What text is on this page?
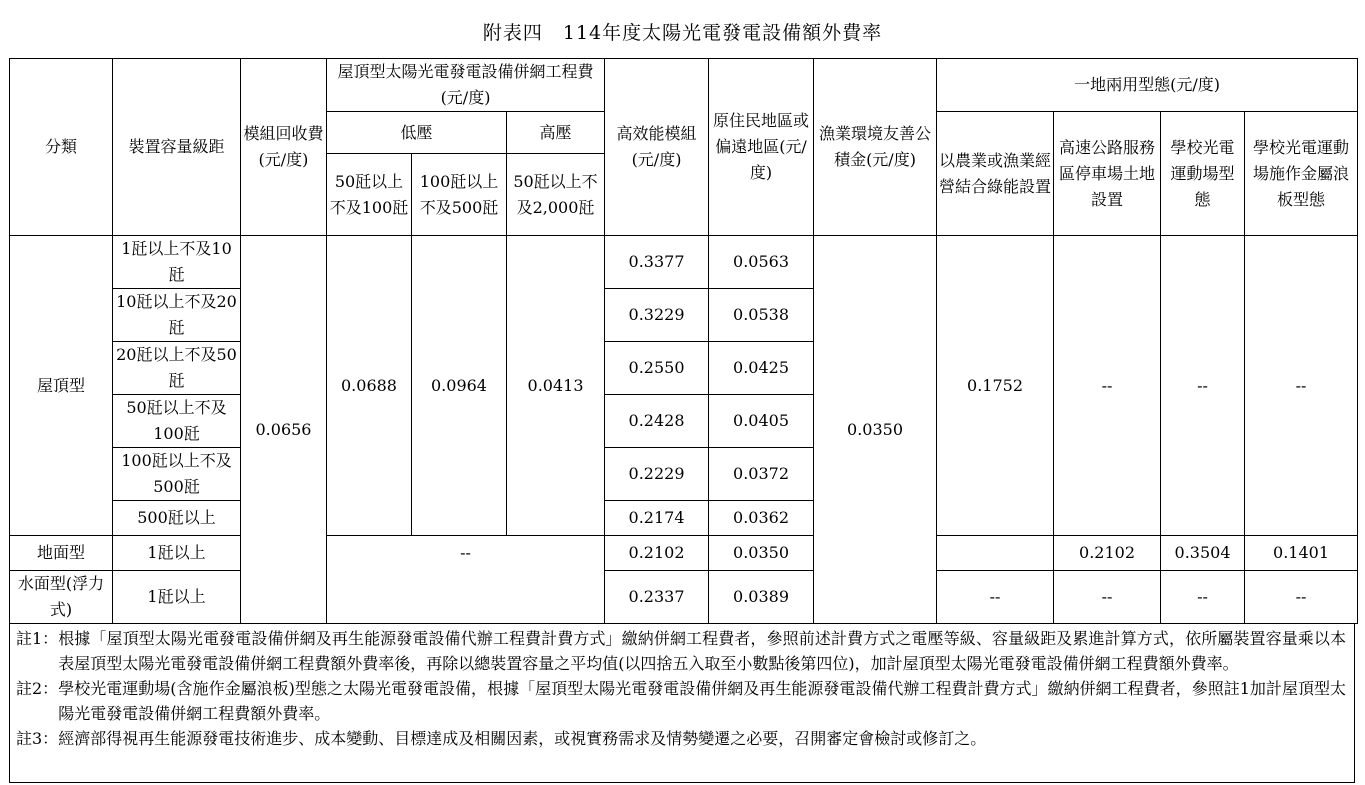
附表四　114年度太陽光電發電設備額外費率
分類	裝置容量級距	模組回收費(元/度)	屋頂型太陽光電發電設備併網工程費(元/度)			高效能模組(元/度)	原住民地區或偏遠地區(元/度)	漁業環境友善公積金(元/度)	一地兩用型態(元/度)			
			低壓		高壓				以農業或漁業經營結合綠能設置	高速公路服務區停車場土地設置	學校光電運動場型態	學校光電運動場施作金屬浪板型態
			50瓩以上不及100瓩	100瓩以上不及500瓩	50瓩以上不及2,000瓩							
屋頂型	1瓩以上不及10瓩	0.0656	0.0688	0.0964	0.0413	0.3377	0.0563	0.0350	0.1752	--	--	--
	10瓩以上不及20瓩					0.3229	0.0538					
	20瓩以上不及50瓩					0.2550	0.0425					
	50瓩以上不及100瓩					0.2428	0.0405					
	100瓩以上不及500瓩					0.2229	0.0372					
	500瓩以上					0.2174	0.0362					
地面型	1瓩以上		--			0.2102	0.0350			0.2102	0.3504	0.1401
水面型(浮力式)	1瓩以上					0.2337	0.0389		--	--	--	--
註1： 根據「屋頂型太陽光電發電設備併網及再生能源發電設備代辦工程費計費方式」繳納併網工程費者，參照前述計費方式之電壓等級、容量級距及累進計算方式，依所屬裝置容量乘以本表屋頂型太陽光電發電設備併網工程費額外費率後，再除以總裝置容量之平均值(以四捨五入取至小數點後第四位)，加計屋頂型太陽光電發電設備併網工程費額外費率。
註2： 學校光電運動場(含施作金屬浪板)型態之太陽光電發電設備，根據「屋頂型太陽光電發電設備併網及再生能源發電設備代辦工程費計費方式」繳納併網工程費者，參照註1加計屋頂型太陽光電發電設備併網工程費額外費率。
註3： 經濟部得視再生能源發電技術進步、成本變動、目標達成及相關因素，或視實務需求及情勢變遷之必要，召開審定會檢討或修訂之。
